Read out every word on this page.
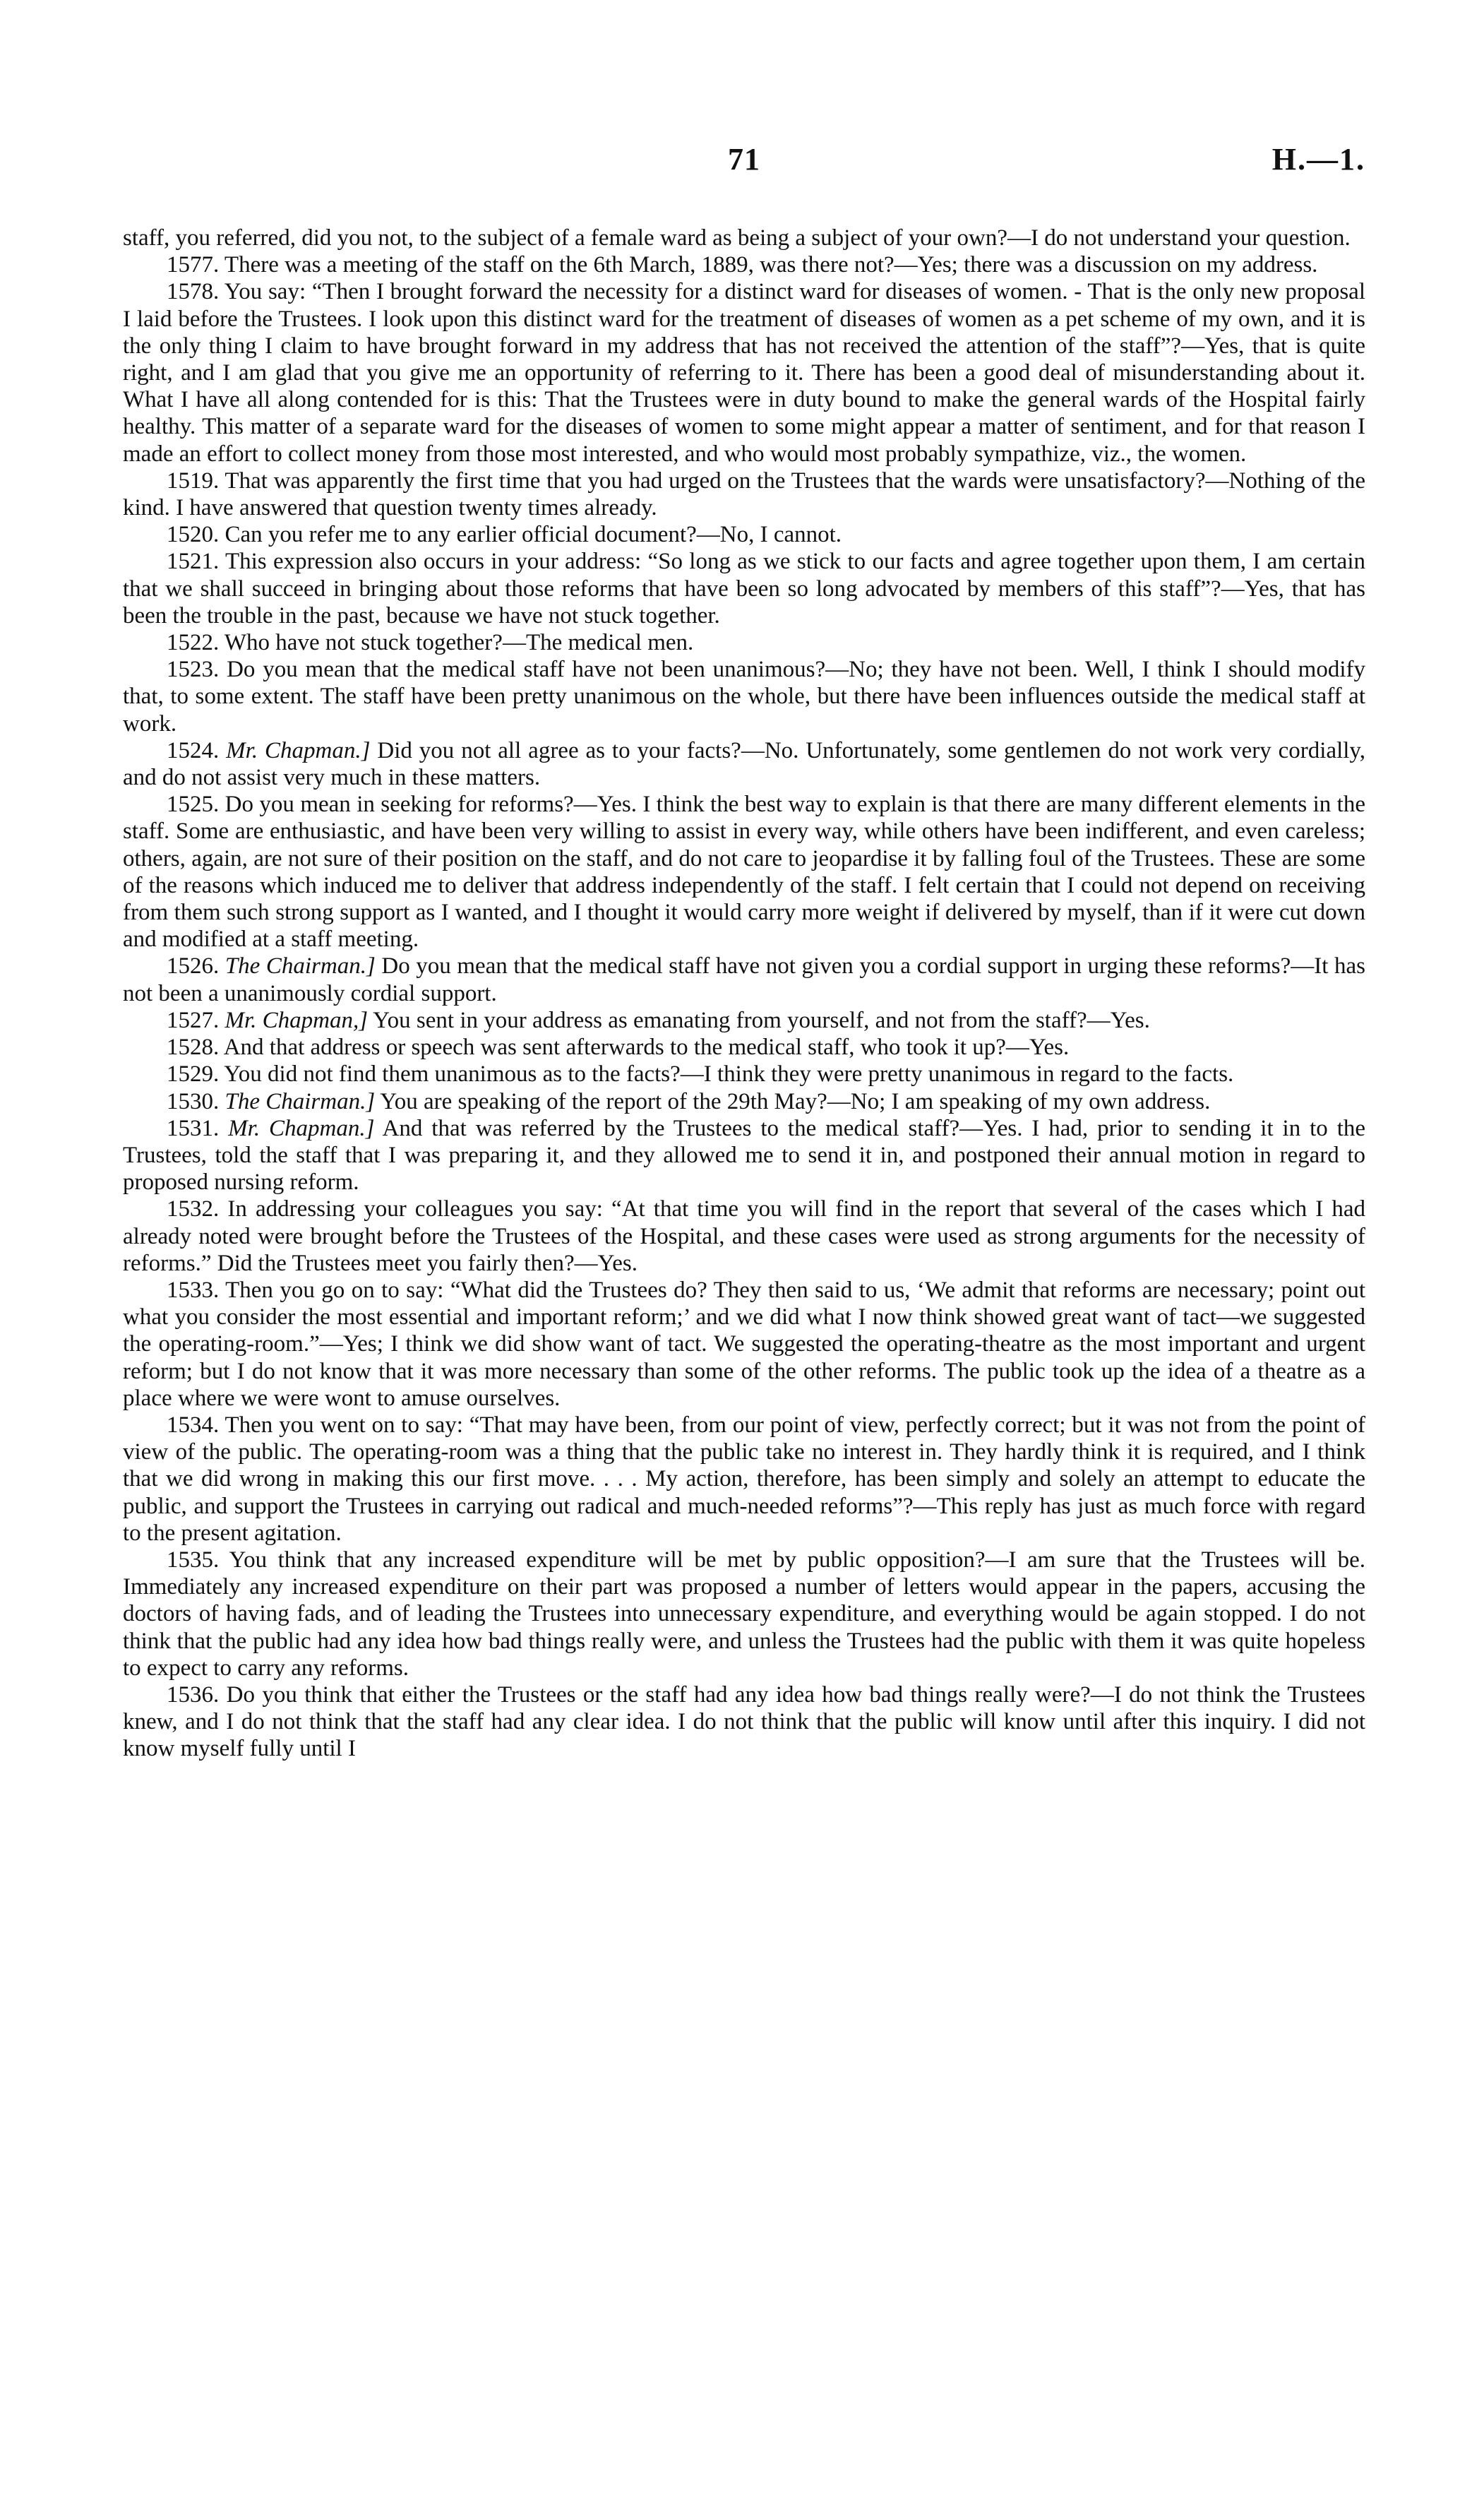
71	H.—1.

staff, you referred, did you not, to the subject of a female ward as being a subject of your own?—I do not understand your question.

1577. There was a meeting of the staff on the 6th March, 1889, was there not?—Yes; there was a discussion on my address.

1578. You say: “Then I brought forward the necessity for a distinct ward for diseases of women. - That is the only new proposal I laid before the Trustees. I look upon this distinct ward for the treatment of diseases of women as a pet scheme of my own, and it is the only thing I claim to have brought forward in my address that has not received the attention of the staff”?—Yes, that is quite right, and I am glad that you give me an opportunity of referring to it. There has been a good deal of misunderstanding about it. What I have all along contended for is this: That the Trustees were in duty bound to make the general wards of the Hospital fairly healthy. This matter of a separate ward for the diseases of women to some might appear a matter of sentiment, and for that reason I made an effort to collect money from those most interested, and who would most probably sympathize, viz., the women.

1519. That was apparently the first time that you had urged on the Trustees that the wards were unsatisfactory?—Nothing of the kind. I have answered that question twenty times already.

1520. Can you refer me to any earlier official document?—No, I cannot.

1521. This expression also occurs in your address: “So long as we stick to our facts and agree together upon them, I am certain that we shall succeed in bringing about those reforms that have been so long advocated by members of this staff”?—Yes, that has been the trouble in the past, because we have not stuck together.

1522. Who have not stuck together?—The medical men.

1523. Do you mean that the medical staff have not been unanimous?—No; they have not been. Well, I think I should modify that, to some extent. The staff have been pretty unanimous on the whole, but there have been influences outside the medical staff at work.

1524. Mr. Chapman.] Did you not all agree as to your facts?—No. Unfortunately, some gentlemen do not work very cordially, and do not assist very much in these matters.

1525. Do you mean in seeking for reforms?—Yes. I think the best way to explain is that there are many different elements in the staff. Some are enthusiastic, and have been very willing to assist in every way, while others have been indifferent, and even careless; others, again, are not sure of their position on the staff, and do not care to jeopardise it by falling foul of the Trustees. These are some of the reasons which induced me to deliver that address independently of the staff. I felt certain that I could not depend on receiving from them such strong support as I wanted, and I thought it would carry more weight if delivered by myself, than if it were cut down and modified at a staff meeting.

1526. The Chairman.] Do you mean that the medical staff have not given you a cordial support in urging these reforms?—It has not been a unanimously cordial support.

1527. Mr. Chapman,] You sent in your address as emanating from yourself, and not from the staff?—Yes.

1528. And that address or speech was sent afterwards to the medical staff, who took it up?—Yes.

1529. You did not find them unanimous as to the facts?—I think they were pretty unanimous in regard to the facts.

1530. The Chairman.] You are speaking of the report of the 29th May?—No; I am speaking of my own address.

1531. Mr. Chapman.] And that was referred by the Trustees to the medical staff?—Yes. I had, prior to sending it in to the Trustees, told the staff that I was preparing it, and they allowed me to send it in, and postponed their annual motion in regard to proposed nursing reform.

1532. In addressing your colleagues you say: “At that time you will find in the report that several of the cases which I had already noted were brought before the Trustees of the Hospital, and these cases were used as strong arguments for the necessity of reforms.” Did the Trustees meet you fairly then?—Yes.

1533. Then you go on to say: “What did the Trustees do? They then said to us, ‘We admit that reforms are necessary; point out what you consider the most essential and important reform;’ and we did what I now think showed great want of tact—we suggested the operating-room.”—Yes; I think we did show want of tact. We suggested the operating-theatre as the most important and urgent reform; but I do not know that it was more necessary than some of the other reforms. The public took up the idea of a theatre as a place where we were wont to amuse ourselves.

1534. Then you went on to say: “That may have been, from our point of view, perfectly correct; but it was not from the point of view of the public. The operating-room was a thing that the public take no interest in. They hardly think it is required, and I think that we did wrong in making this our first move. . . . My action, therefore, has been simply and solely an attempt to educate the public, and support the Trustees in carrying out radical and much-needed reforms”?—This reply has just as much force with regard to the present agitation.

1535. You think that any increased expenditure will be met by public opposition?—I am sure that the Trustees will be. Immediately any increased expenditure on their part was proposed a number of letters would appear in the papers, accusing the doctors of having fads, and of leading the Trustees into unnecessary expenditure, and everything would be again stopped. I do not think that the public had any idea how bad things really were, and unless the Trustees had the public with them it was quite hopeless to expect to carry any reforms.

1536. Do you think that either the Trustees or the staff had any idea how bad things really were?—I do not think the Trustees knew, and I do not think that the staff had any clear idea. I do not think that the public will know until after this inquiry. I did not know myself fully until I
